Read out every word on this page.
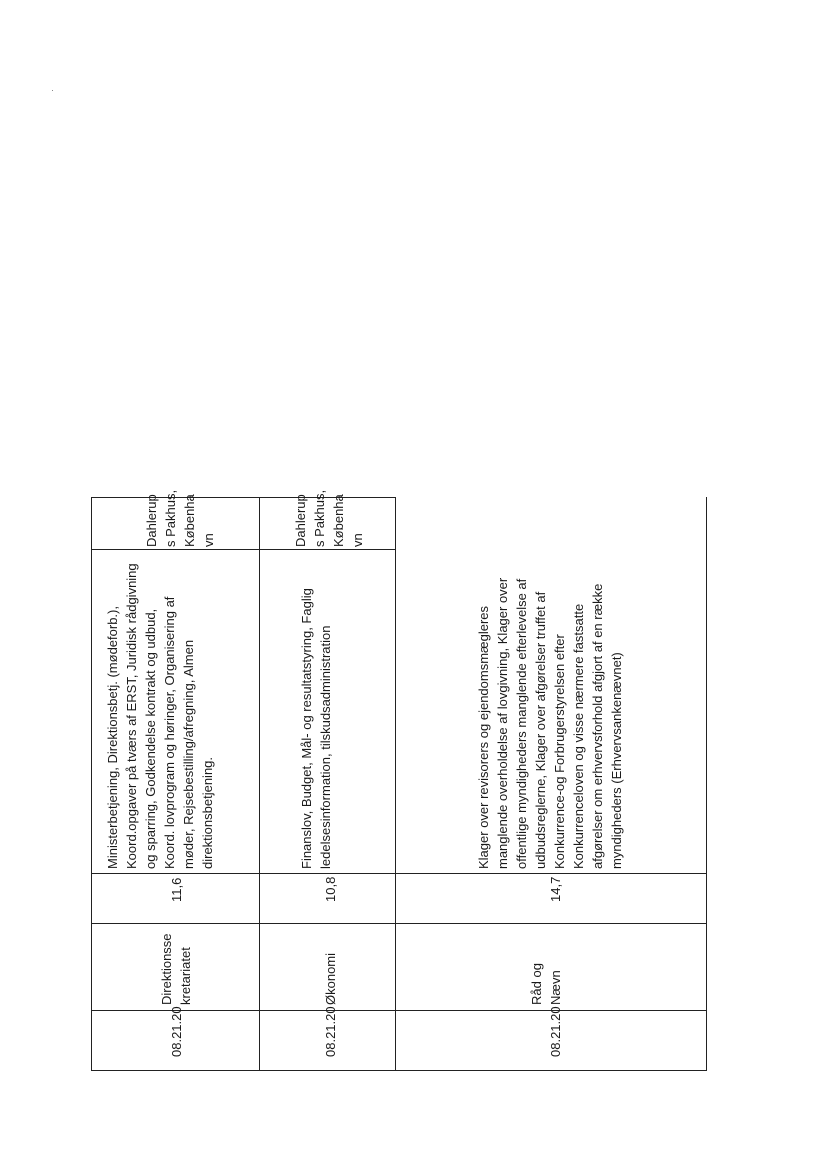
08.21.20

Direktionsse kretariatet

11,6

Ministerbetjening, Direktionsbetj. (mødeforb.), Koord.opgaver på tværs af ERST, Juridisk rådgivning og sparring, Godkendelse kontrakt og udbud, Koord. lovprogram og høringer, Organisering af møder, Rejsebestilling/afregning, Almen direktionsbetjening.

Dahlerup s Pakhus, Københa vn

08.21.20

Økonomi

10,8

Finanslov, Budget, Mål- og resultatstyring, Faglig ledelsesinformation, tilskudsadministration

Dahlerup s Pakhus, Københa vn

08.21.20

Råd og Nævn

14,7

Klager over revisorers og ejendomsmægleres manglende overholdelse af lovgivning, Klager over offentlige myndigheders manglende efterlevelse af udbudsreglerne, Klager over afgørelser truffet af Konkurrence-og Forbrugerstyrelsen efter Konkurrenceloven og visse nærmere fastsatte afgørelser om erhvervsforhold afgjort af en række myndigheders (Erhvervsankenævnet)
